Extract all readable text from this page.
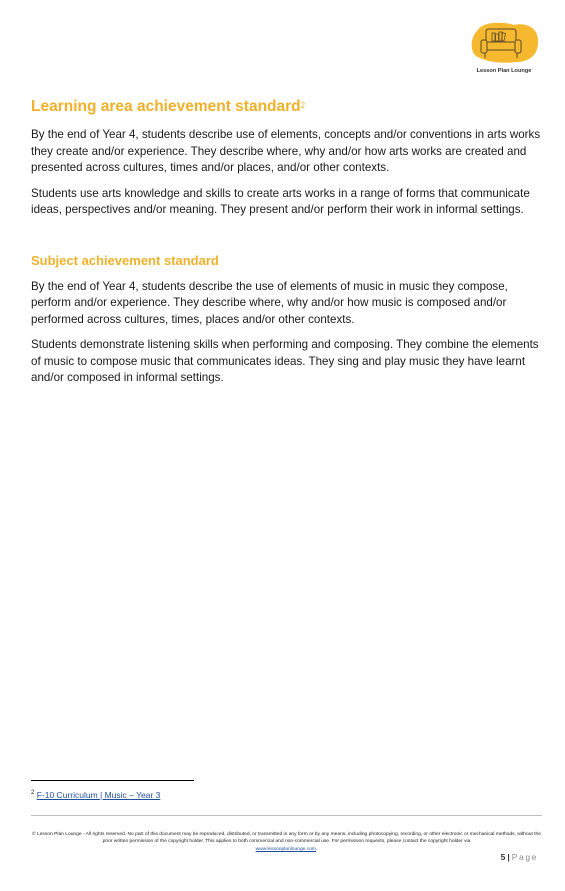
Lesson Plan Lounge
Learning area achievement standard$^2$

By the end of Year 4, students describe use of elements, concepts and/or conventions in arts works they create and/or experience. They describe where, why and/or how arts works are created and presented across cultures, times and/or places, and/or other contexts.

Students use arts knowledge and skills to create arts works in a range of forms that communicate ideas, perspectives and/or meaning. They present and/or perform their work in informal settings.

Subject achievement standard

By the end of Year 4, students describe the use of elements of music in music they compose, perform and/or experience. They describe where, why and/or how music is composed and/or performed across cultures, times, places and/or other contexts.

Students demonstrate listening skills when performing and composing. They combine the elements of music to compose music that communicates ideas. They sing and play music they have learnt and/or composed in informal settings.

$^2$ F-10 Curriculum | Music – Year 3
© Lesson Plan Lounge - All rights reserved. No part of this document may be reproduced, distributed, or transmitted in any form or by any means, including photocopying, recording, or other electronic or mechanical methods, without the prior written permission of the copyright holder. This applies to both commercial and non-commercial use. For permission requests, please contact the copyright holder via
www.lessonplanlounge.com.
5 | Page
